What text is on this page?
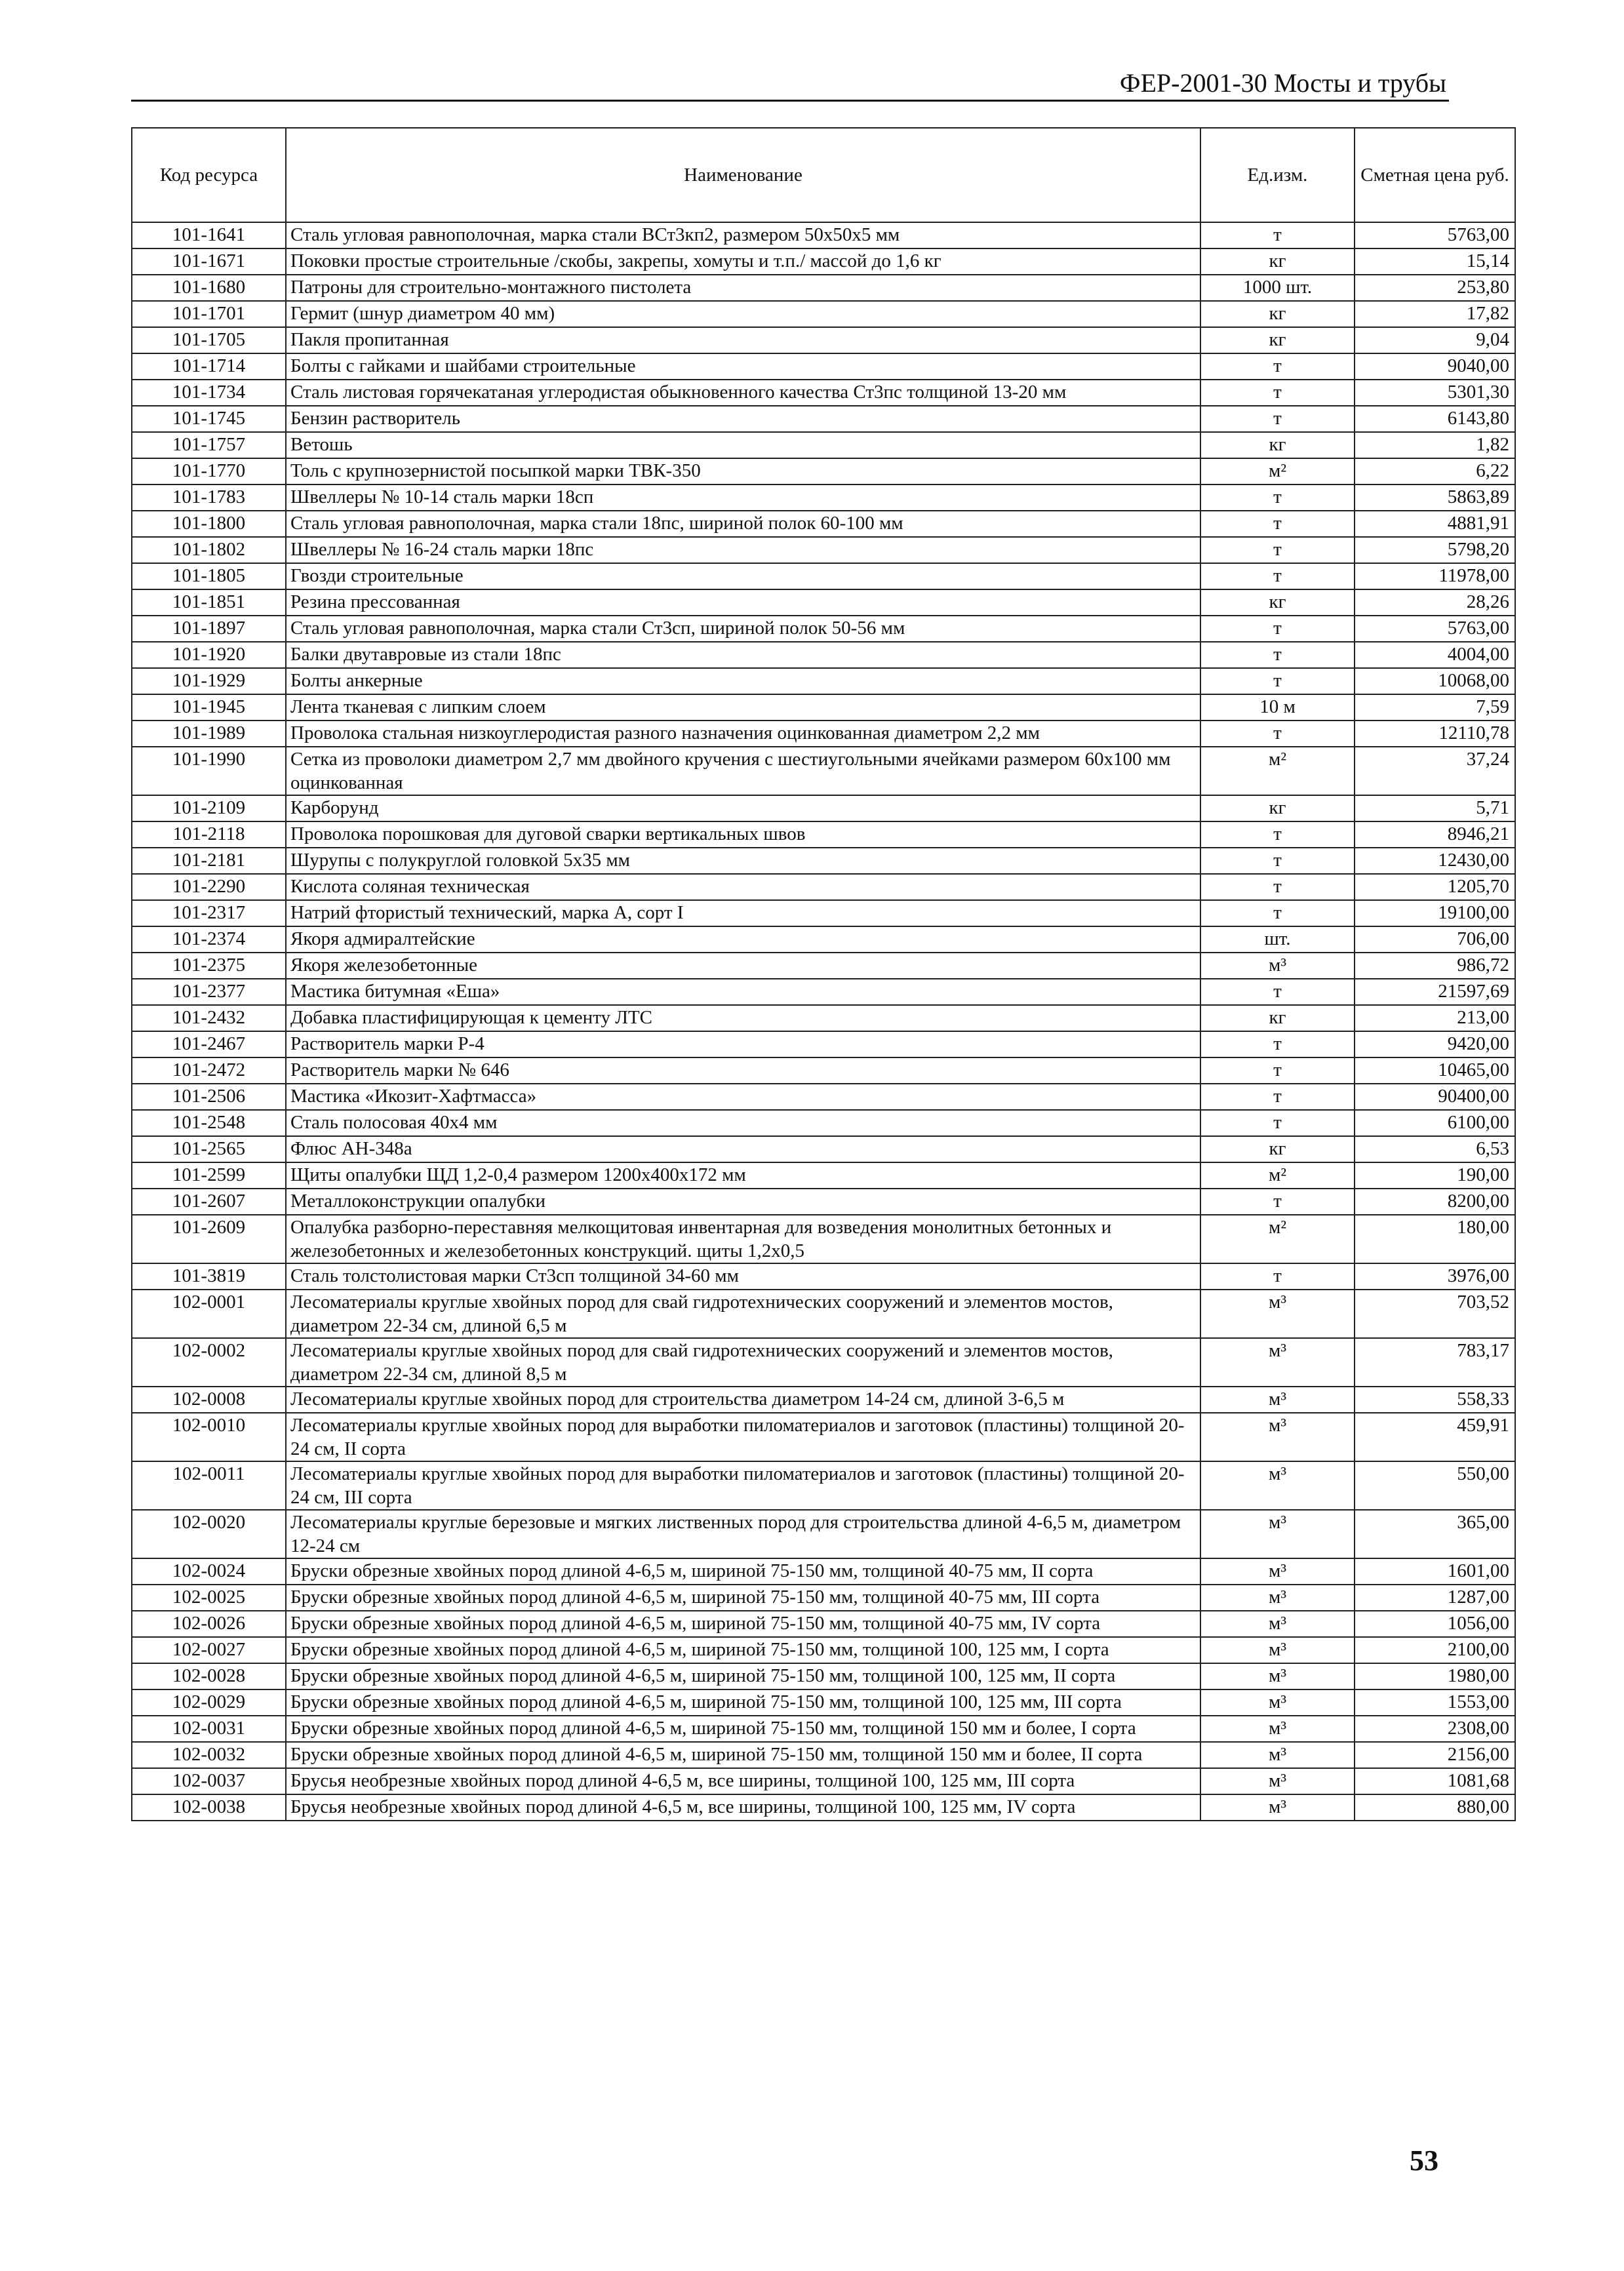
ФЕР-2001-30 Мосты и трубы
Код ресурса	Наименование	Ед.изм.	Сметная цена руб.
101-1641	Сталь угловая равнополочная, марка стали ВСт3кп2, размером 50х50х5 мм	т	5763,00
101-1671	Поковки простые строительные /скобы, закрепы, хомуты и т.п./ массой до 1,6 кг	кг	15,14
101-1680	Патроны для строительно-монтажного пистолета	1000 шт.	253,80
101-1701	Гермит (шнур диаметром 40 мм)	кг	17,82
101-1705	Пакля пропитанная	кг	9,04
101-1714	Болты с гайками и шайбами строительные	т	9040,00
101-1734	Сталь листовая горячекатаная углеродистая обыкновенного качества Ст3пс толщиной 13-20 мм	т	5301,30
101-1745	Бензин растворитель	т	6143,80
101-1757	Ветошь	кг	1,82
101-1770	Толь с крупнозернистой посыпкой марки ТВК-350	м²	6,22
101-1783	Швеллеры № 10-14 сталь марки 18сп	т	5863,89
101-1800	Сталь угловая равнополочная, марка стали 18пс, шириной полок 60-100 мм	т	4881,91
101-1802	Швеллеры № 16-24 сталь марки 18пс	т	5798,20
101-1805	Гвозди строительные	т	11978,00
101-1851	Резина прессованная	кг	28,26
101-1897	Сталь угловая равнополочная, марка стали Ст3сп, шириной полок 50-56 мм	т	5763,00
101-1920	Балки двутавровые из стали 18пс	т	4004,00
101-1929	Болты анкерные	т	10068,00
101-1945	Лента тканевая с липким слоем	10 м	7,59
101-1989	Проволока стальная низкоуглеродистая разного назначения оцинкованная диаметром 2,2 мм	т	12110,78
101-1990	Сетка из проволоки диаметром 2,7 мм двойного кручения с шестиугольными ячейками размером 60х100 мм оцинкованная	м²	37,24
101-2109	Карборунд	кг	5,71
101-2118	Проволока порошковая для дуговой сварки вертикальных швов	т	8946,21
101-2181	Шурупы с полукруглой головкой 5х35 мм	т	12430,00
101-2290	Кислота соляная техническая	т	1205,70
101-2317	Натрий фтористый технический, марка А, сорт I	т	19100,00
101-2374	Якоря адмиралтейские	шт.	706,00
101-2375	Якоря железобетонные	м³	986,72
101-2377	Мастика битумная «Еша»	т	21597,69
101-2432	Добавка пластифицирующая к цементу ЛТС	кг	213,00
101-2467	Растворитель марки Р-4	т	9420,00
101-2472	Растворитель марки № 646	т	10465,00
101-2506	Мастика «Икозит-Хафтмасса»	т	90400,00
101-2548	Сталь полосовая 40х4 мм	т	6100,00
101-2565	Флюс АН-348а	кг	6,53
101-2599	Щиты опалубки ЩД 1,2-0,4 размером 1200х400х172 мм	м²	190,00
101-2607	Металлоконструкции опалубки	т	8200,00
101-2609	Опалубка разборно-переставняя мелкощитовая инвентарная для возведения монолитных бетонных и железобетонных и железобетонных конструкций. щиты 1,2х0,5	м²	180,00
101-3819	Сталь толстолистовая марки Ст3сп толщиной 34-60 мм	т	3976,00
102-0001	Лесоматериалы круглые хвойных пород для свай гидротехнических сооружений и элементов мостов, диаметром 22-34 см, длиной 6,5 м	м³	703,52
102-0002	Лесоматериалы круглые хвойных пород для свай гидротехнических сооружений и элементов мостов, диаметром 22-34 см, длиной 8,5 м	м³	783,17
102-0008	Лесоматериалы круглые хвойных пород для строительства диаметром 14-24 см, длиной 3-6,5 м	м³	558,33
102-0010	Лесоматериалы круглые хвойных пород для выработки пиломатериалов и заготовок (пластины) толщиной 20-24 см, II сорта	м³	459,91
102-0011	Лесоматериалы круглые хвойных пород для выработки пиломатериалов и заготовок (пластины) толщиной 20-24 см, III сорта	м³	550,00
102-0020	Лесоматериалы круглые березовые и мягких лиственных пород для строительства длиной 4-6,5 м, диаметром 12-24 см	м³	365,00
102-0024	Бруски обрезные хвойных пород длиной 4-6,5 м, шириной 75-150 мм, толщиной 40-75 мм, II сорта	м³	1601,00
102-0025	Бруски обрезные хвойных пород длиной 4-6,5 м, шириной 75-150 мм, толщиной 40-75 мм, III сорта	м³	1287,00
102-0026	Бруски обрезные хвойных пород длиной 4-6,5 м, шириной 75-150 мм, толщиной 40-75 мм, IV сорта	м³	1056,00
102-0027	Бруски обрезные хвойных пород длиной 4-6,5 м, шириной 75-150 мм, толщиной 100, 125 мм, I сорта	м³	2100,00
102-0028	Бруски обрезные хвойных пород длиной 4-6,5 м, шириной 75-150 мм, толщиной 100, 125 мм, II сорта	м³	1980,00
102-0029	Бруски обрезные хвойных пород длиной 4-6,5 м, шириной 75-150 мм, толщиной 100, 125 мм, III сорта	м³	1553,00
102-0031	Бруски обрезные хвойных пород длиной 4-6,5 м, шириной 75-150 мм, толщиной 150 мм и более, I сорта	м³	2308,00
102-0032	Бруски обрезные хвойных пород длиной 4-6,5 м, шириной 75-150 мм, толщиной 150 мм и более, II сорта	м³	2156,00
102-0037	Брусья необрезные хвойных пород длиной 4-6,5 м, все ширины, толщиной 100, 125 мм, III сорта	м³	1081,68
102-0038	Брусья необрезные хвойных пород длиной 4-6,5 м, все ширины, толщиной 100, 125 мм, IV сорта	м³	880,00
53
